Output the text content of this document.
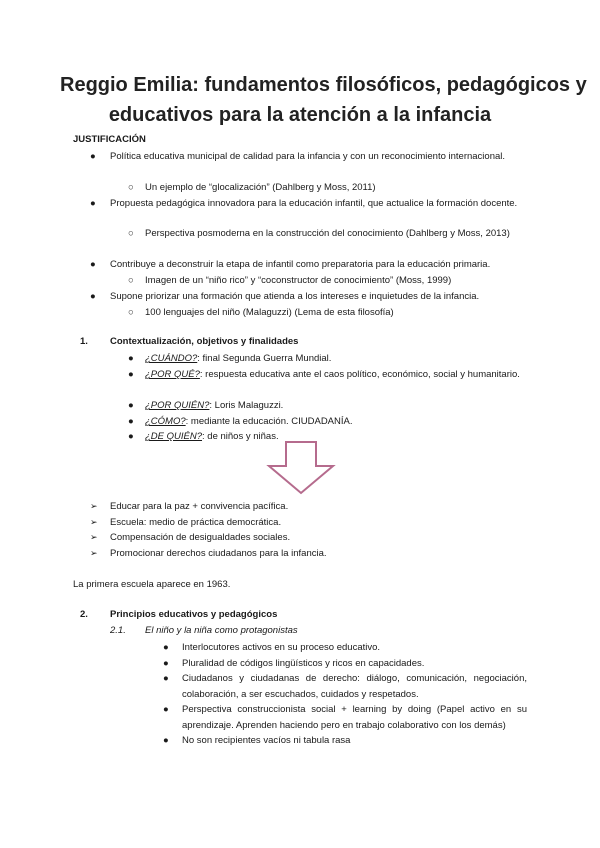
Reggio Emilia: fundamentos filosóficos, pedagógicos y
educativos para la atención a la infancia
JUSTIFICACIÓN
● Política educativa municipal de calidad para la infancia y con un reconocimiento internacional.
○ Un ejemplo de “glocalización” (Dahlberg y Moss, 2011)
● Propuesta pedagógica innovadora para la educación infantil, que actualice la formación docente.
○ Perspectiva posmoderna en la construcción del conocimiento (Dahlberg y Moss, 2013)
● Contribuye a deconstruir la etapa de infantil como preparatoria para la educación primaria.
○ Imagen de un “niño rico” y “coconstructor de conocimiento” (Moss, 1999)
● Supone priorizar una formación que atienda a los intereses e inquietudes de la infancia.
○ 100 lenguajes del niño (Malaguzzi) (Lema de esta filosofía)
1. Contextualización, objetivos y finalidades
● ¿CUÁNDO?: final Segunda Guerra Mundial.
● ¿POR QUÉ?: respuesta educativa ante el caos político, económico, social y humanitario.
● ¿POR QUIÉN?: Loris Malaguzzi.
● ¿CÓMO?: mediante la educación. CIUDADANÍA.
● ¿DE QUIÉN?: de niños y niñas.
➢ Educar para la paz + convivencia pacífica.
➢ Escuela: medio de práctica democrática.
➢ Compensación de desigualdades sociales.
➢ Promocionar derechos ciudadanos para la infancia.
La primera escuela aparece en 1963.
2. Principios educativos y pedagógicos
2.1. El niño y la niña como protagonistas
● Interlocutores activos en su proceso educativo.
● Pluralidad de códigos lingüísticos y ricos en capacidades.
● Ciudadanos y ciudadanas de derecho: diálogo, comunicación, negociación, colaboración, a ser escuchados, cuidados y respetados.
● Perspectiva construccionista social + learning by doing (Papel activo en su aprendizaje. Aprenden haciendo pero en trabajo colaborativo con los demás)
● No son recipientes vacíos ni tabula rasa
